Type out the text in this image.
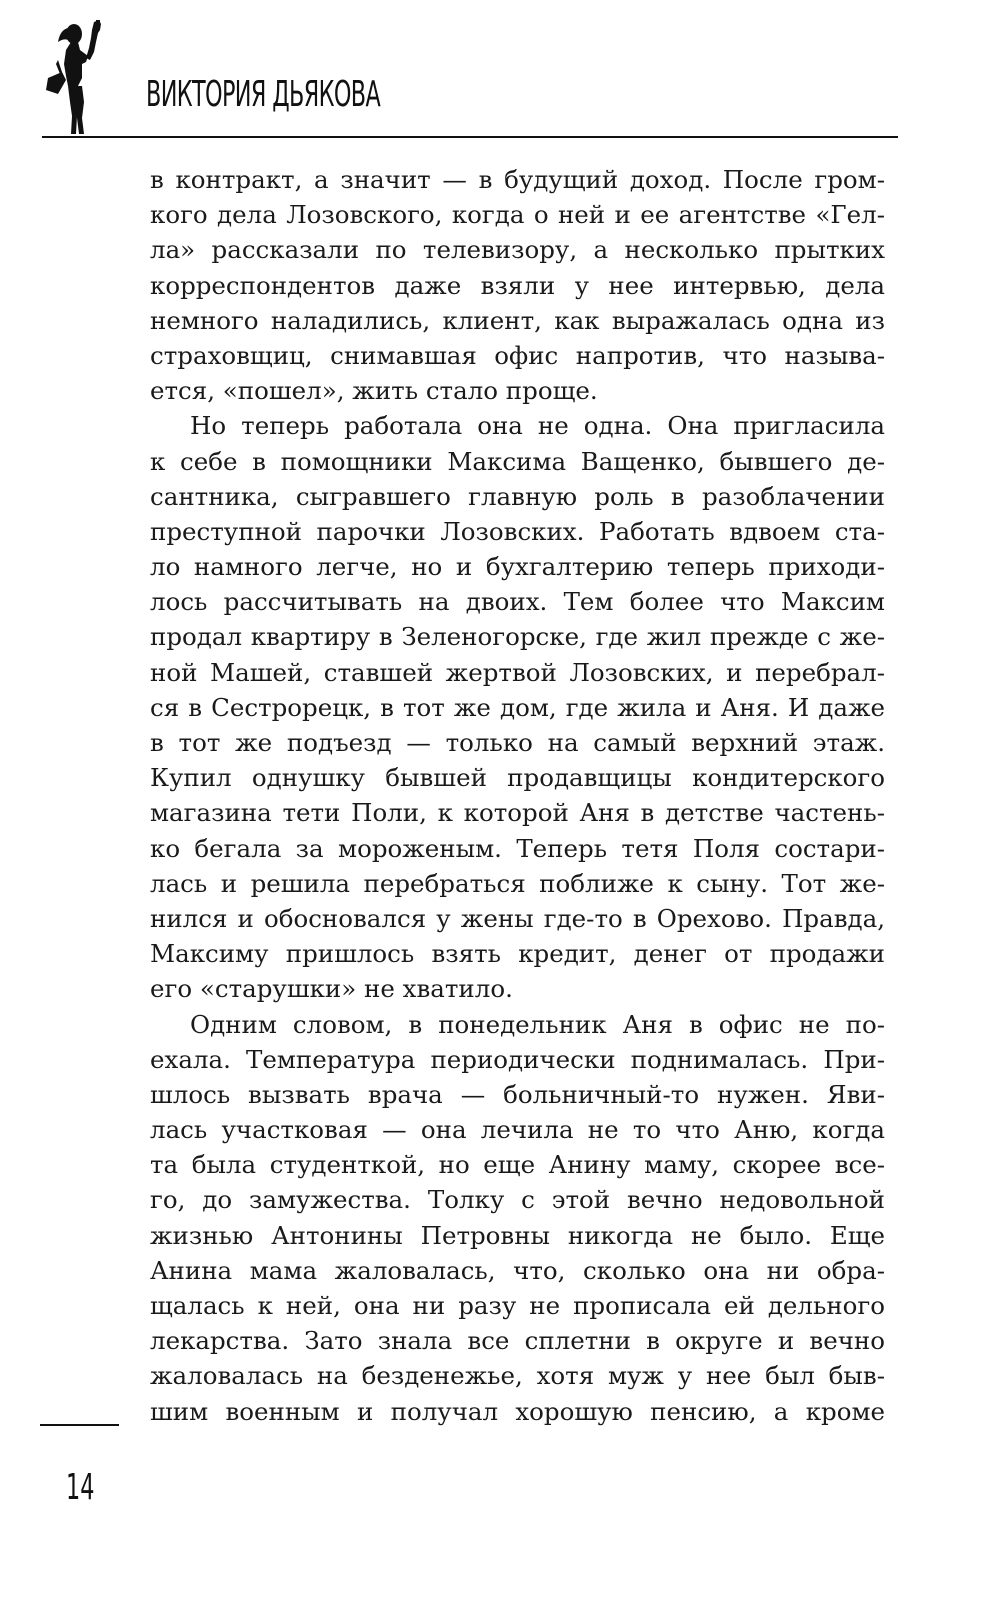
ВИКТОРИЯ ДЬЯКОВА
в контракт, а значит — в будущий доход. После гром-
кого дела Лозовского, когда о ней и ее агентстве «Гел-
ла» рассказали по телевизору, а несколько прытких
корреспондентов даже взяли у нее интервью, дела
немного наладились, клиент, как выражалась одна из
страховщиц, снимавшая офис напротив, что называ-
ется, «пошел», жить стало проще.
Но теперь работала она не одна. Она пригласила
к себе в помощники Максима Ващенко, бывшего де-
сантника, сыгравшего главную роль в разоблачении
преступной парочки Лозовских. Работать вдвоем ста-
ло намного легче, но и бухгалтерию теперь приходи-
лось рассчитывать на двоих. Тем более что Максим
продал квартиру в Зеленогорске, где жил прежде с же-
ной Машей, ставшей жертвой Лозовских, и перебрал-
ся в Сестрорецк, в тот же дом, где жила и Аня. И даже
в тот же подъезд — только на самый верхний этаж.
Купил однушку бывшей продавщицы кондитерского
магазина тети Поли, к которой Аня в детстве частень-
ко бегала за мороженым. Теперь тетя Поля состари-
лась и решила перебраться поближе к сыну. Тот же-
нился и обосновался у жены где-то в Орехово. Правда,
Максиму пришлось взять кредит, денег от продажи
его «старушки» не хватило.
Одним словом, в понедельник Аня в офис не по-
ехала. Температура периодически поднималась. При-
шлось вызвать врача — больничный-то нужен. Яви-
лась участковая — она лечила не то что Аню, когда
та была студенткой, но еще Анину маму, скорее все-
го, до замужества. Толку с этой вечно недовольной
жизнью Антонины Петровны никогда не было. Еще
Анина мама жаловалась, что, сколько она ни обра-
щалась к ней, она ни разу не прописала ей дельного
лекарства. Зато знала все сплетни в округе и вечно
жаловалась на безденежье, хотя муж у нее был быв-
шим военным и получал хорошую пенсию, а кроме

14
